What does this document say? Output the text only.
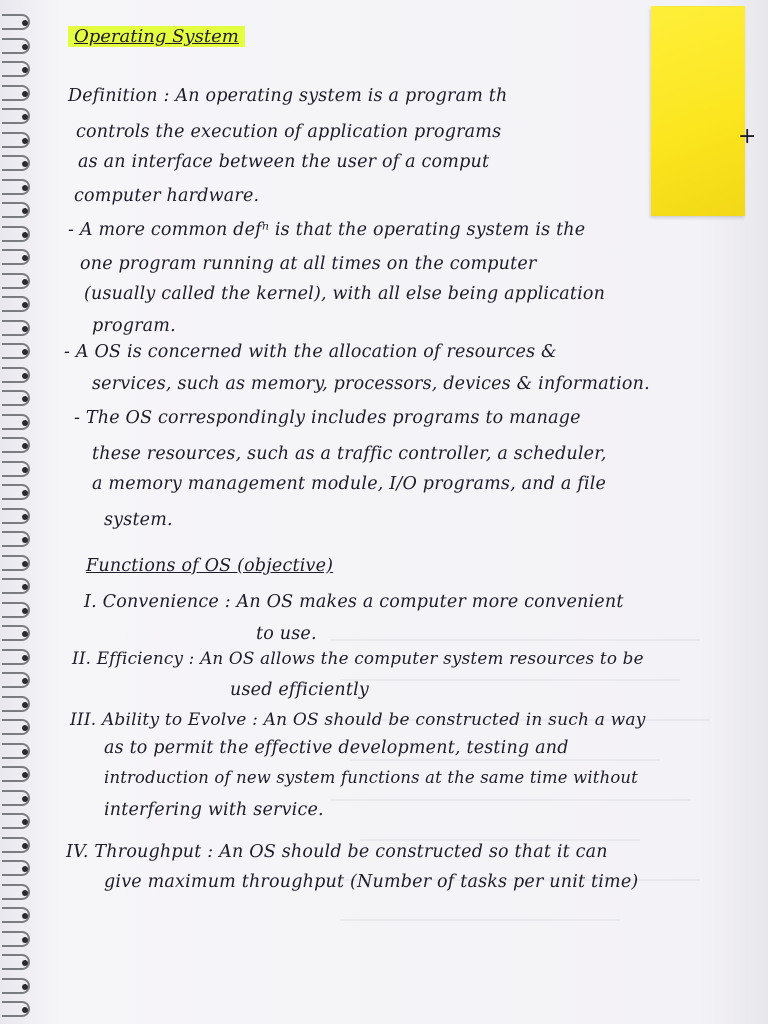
Operating System
Definition : An operating system is a program th
controls the execution of application programs	+
as an interface between the user of a comput
computer hardware.
- A more common defⁿ is that the operating system is the
one program running at all times on the computer
(usually called the kernel), with all else being application
program.
- A OS is concerned with the allocation of resources &
services, such as memory, processors, devices & information.
- The OS correspondingly includes programs to manage
these resources, such as a traffic controller, a scheduler,
a memory management module, I/O programs, and a file
system.
Functions of OS (objective)
I. Convenience : An OS makes a computer more convenient
to use.
II. Efficiency : An OS allows the computer system resources to be
used efficiently
III. Ability to Evolve : An OS should be constructed in such a way
as to permit the effective development, testing and
introduction of new system functions at the same time without
interfering with service.
IV. Throughput : An OS should be constructed so that it can
give maximum throughput (Number of tasks per unit time)
